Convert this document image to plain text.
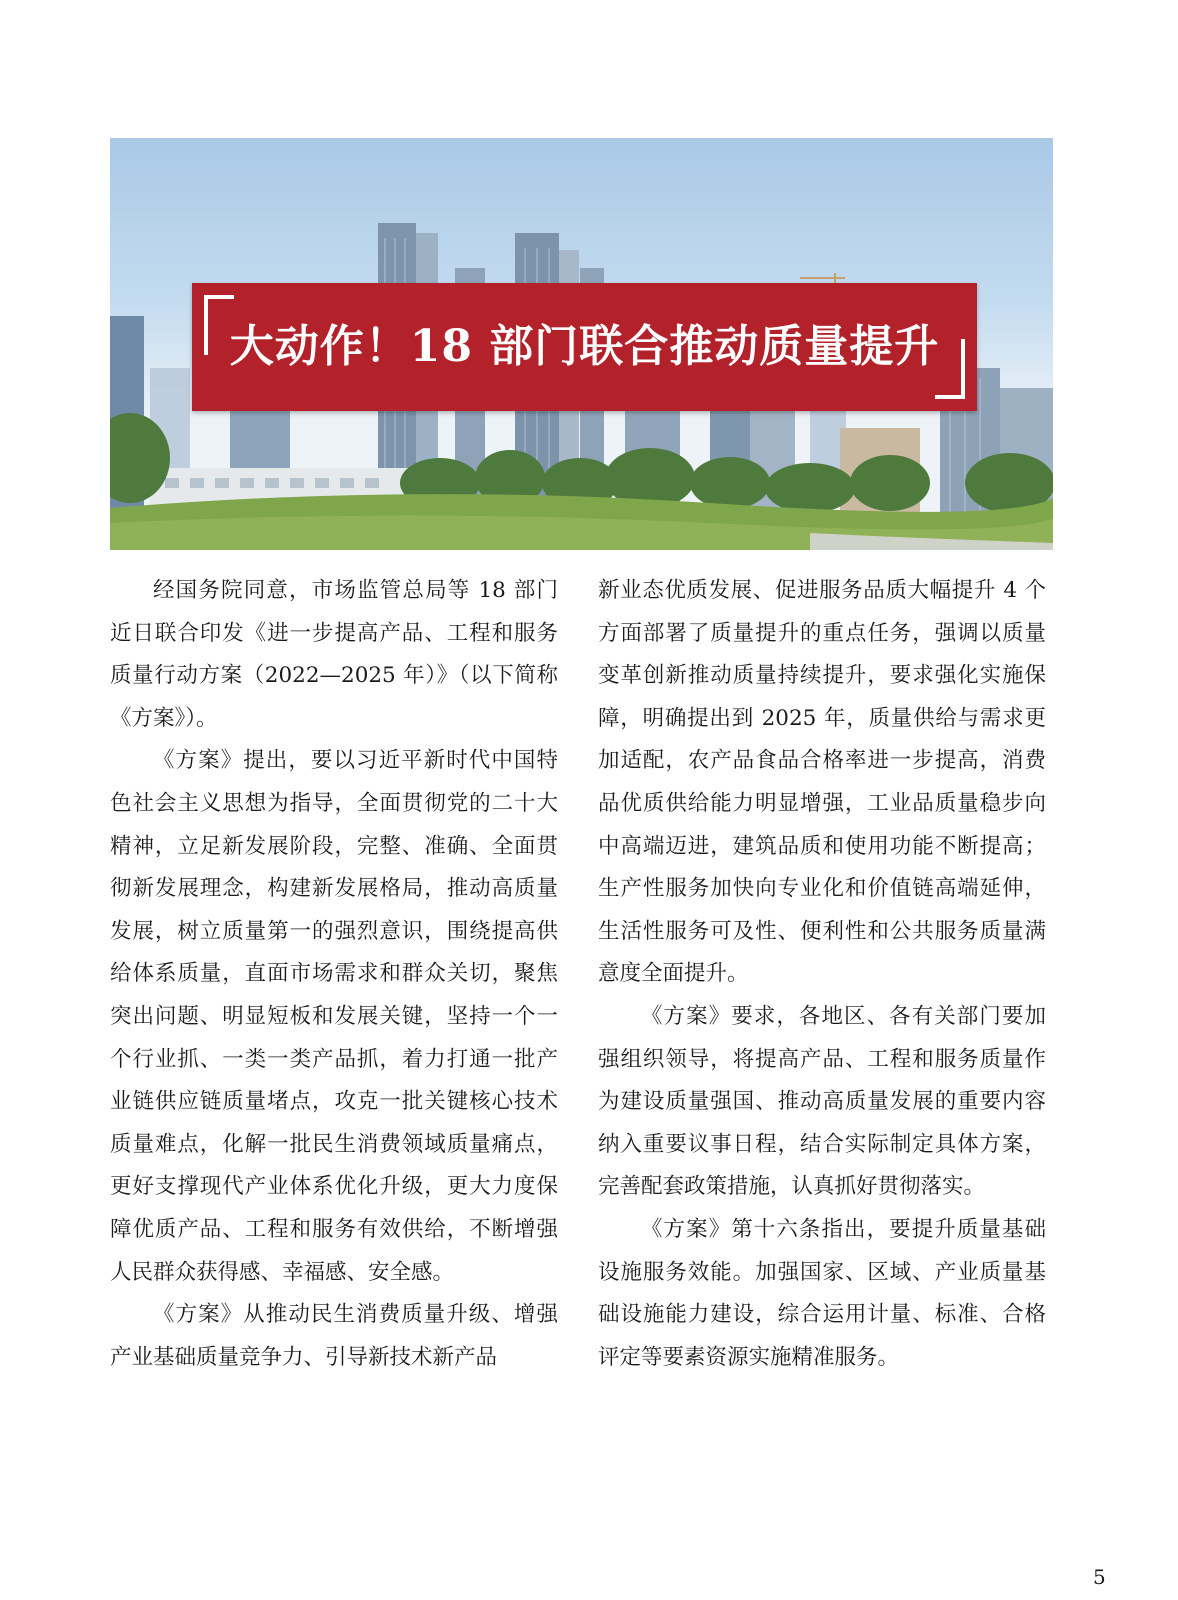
大动作！18 部门联合推动质量提升

经国务院同意，市场监管总局等 18 部门近日联合印发《进一步提高产品、工程和服务质量行动方案（2022—2025 年）》（以下简称《方案》）。

《方案》提出，要以习近平新时代中国特色社会主义思想为指导，全面贯彻党的二十大精神，立足新发展阶段，完整、准确、全面贯彻新发展理念，构建新发展格局，推动高质量发展，树立质量第一的强烈意识，围绕提高供给体系质量，直面市场需求和群众关切，聚焦突出问题、明显短板和发展关键，坚持一个一个行业抓、一类一类产品抓，着力打通一批产业链供应链质量堵点，攻克一批关键核心技术质量难点，化解一批民生消费领域质量痛点，更好支撑现代产业体系优化升级，更大力度保障优质产品、工程和服务有效供给，不断增强人民群众获得感、幸福感、安全感。

《方案》从推动民生消费质量升级、增强产业基础质量竞争力、引导新技术新产品

新业态优质发展、促进服务品质大幅提升 4 个方面部署了质量提升的重点任务，强调以质量变革创新推动质量持续提升，要求强化实施保障，明确提出到 2025 年，质量供给与需求更加适配，农产品食品合格率进一步提高，消费品优质供给能力明显增强，工业品质量稳步向中高端迈进，建筑品质和使用功能不断提高；生产性服务加快向专业化和价值链高端延伸，生活性服务可及性、便利性和公共服务质量满意度全面提升。

《方案》要求，各地区、各有关部门要加强组织领导，将提高产品、工程和服务质量作为建设质量强国、推动高质量发展的重要内容纳入重要议事日程，结合实际制定具体方案，完善配套政策措施，认真抓好贯彻落实。

《方案》第十六条指出，要提升质量基础设施服务效能。加强国家、区域、产业质量基础设施能力建设，综合运用计量、标准、合格评定等要素资源实施精准服务。

5
